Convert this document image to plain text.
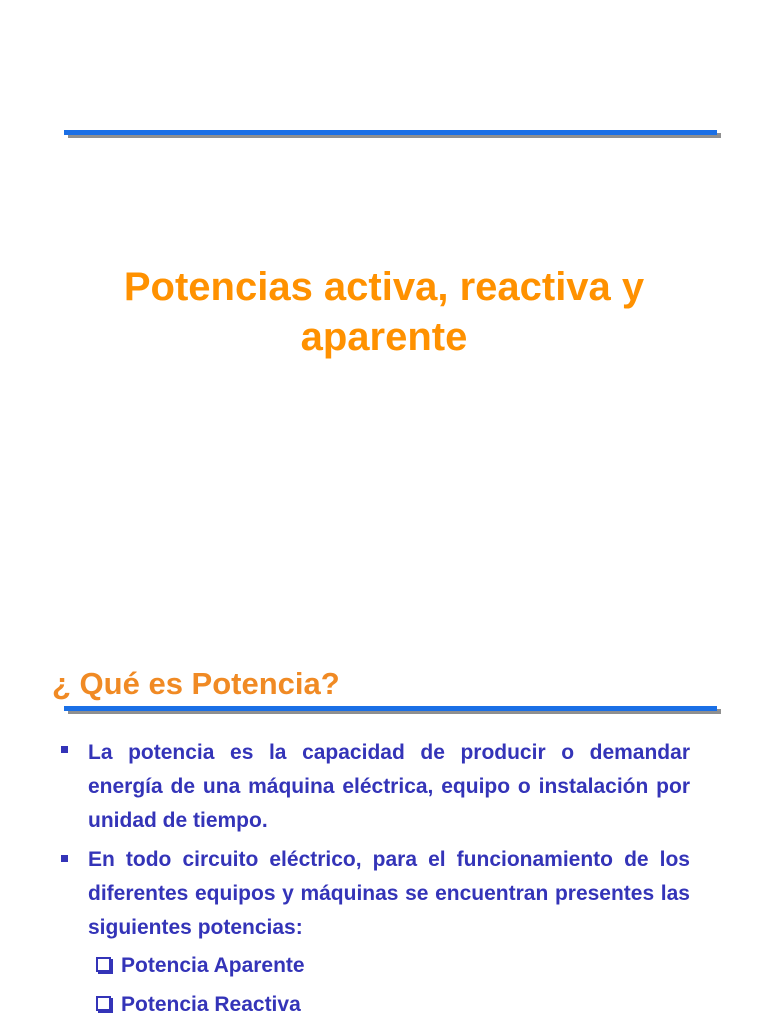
Potencias activa, reactiva y
aparente
¿ Qué es Potencia?

La potencia es la capacidad de producir o demandar energía de una máquina eléctrica, equipo o instalación por unidad de tiempo.

En todo circuito eléctrico, para el funcionamiento de los diferentes equipos y máquinas se encuentran presentes las siguientes potencias:

Potencia Aparente

Potencia Reactiva
